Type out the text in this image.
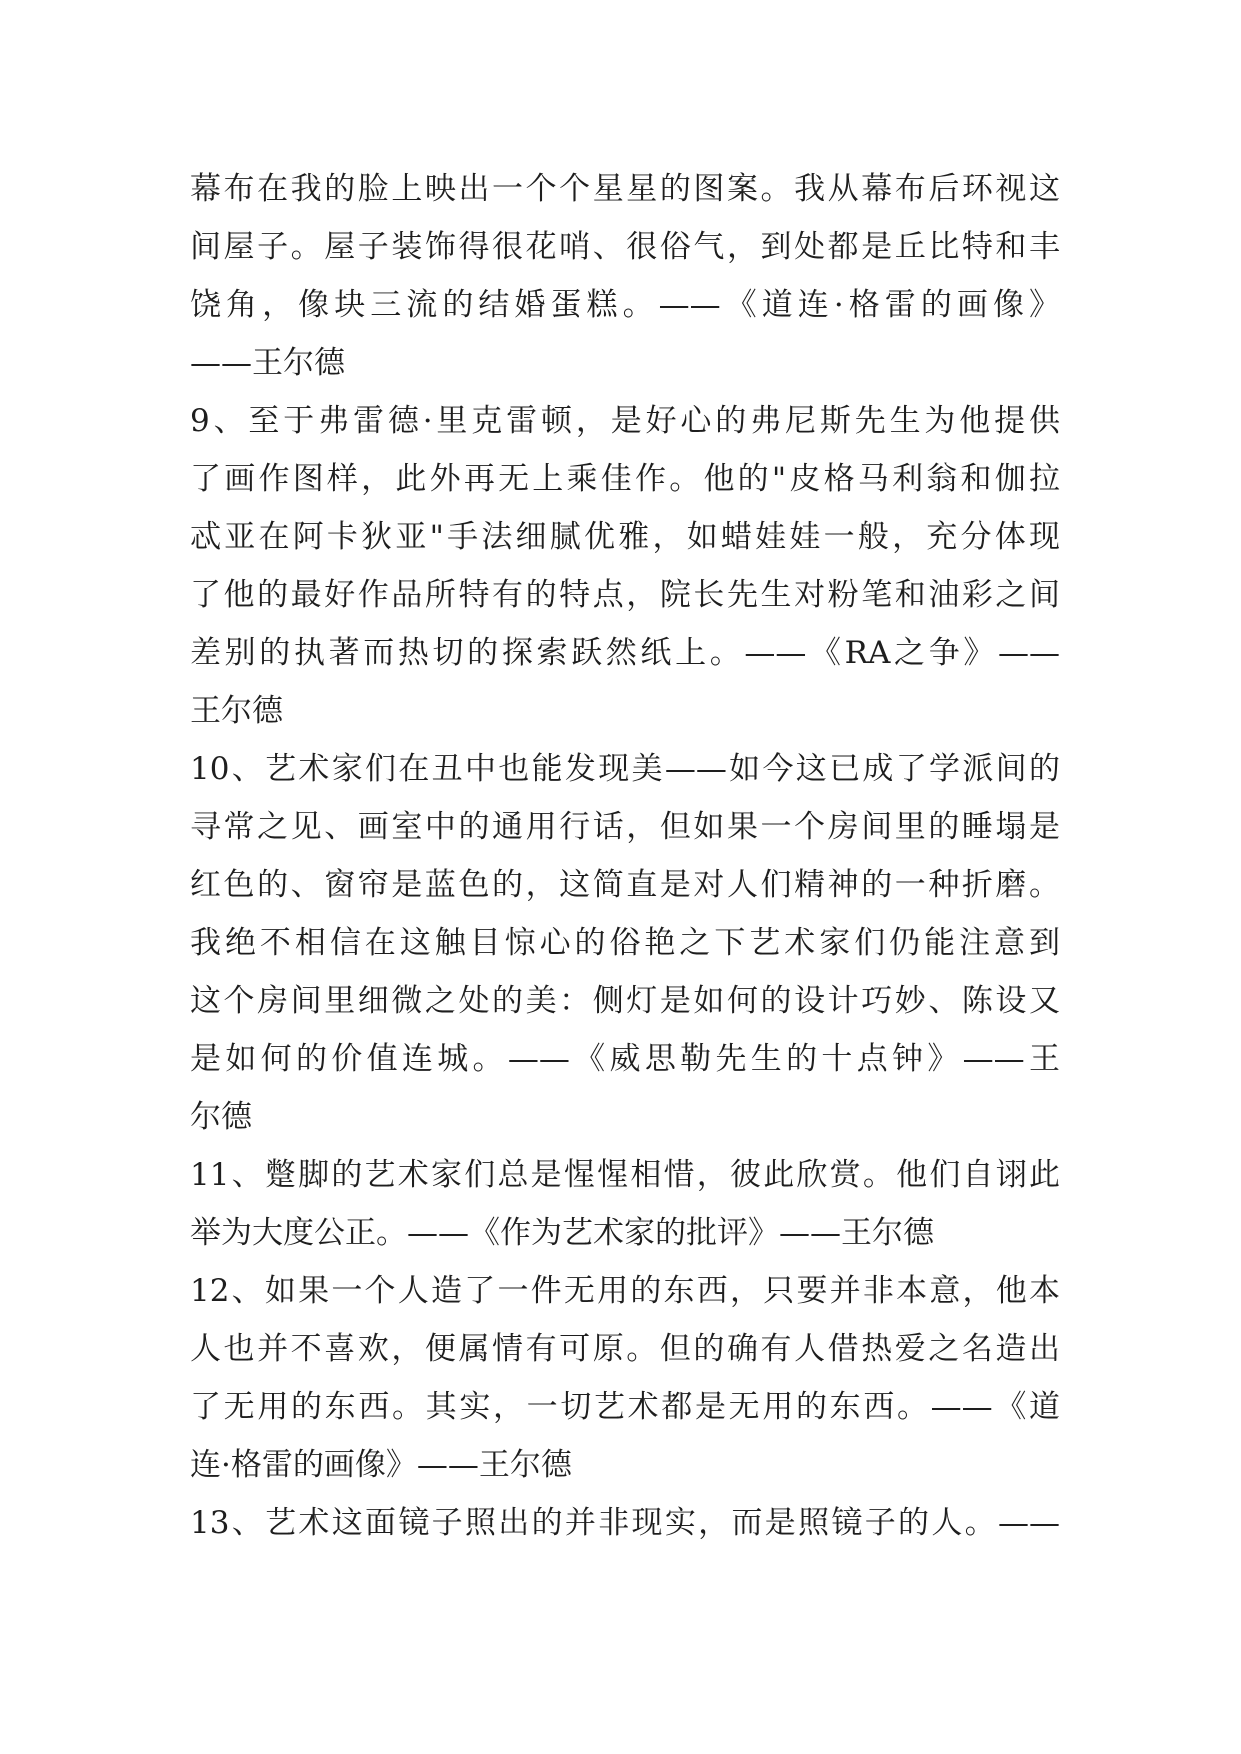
幕布在我的脸上映出一个个星星的图案。我从幕布后环视这
间屋子。屋子装饰得很花哨、很俗气，到处都是丘比特和丰
饶角，像块三流的结婚蛋糕。——《道连·格雷的画像》
——王尔德
9、至于弗雷德·里克雷顿，是好心的弗尼斯先生为他提供
了画作图样，此外再无上乘佳作。他的"皮格马利翁和伽拉
忒亚在阿卡狄亚"手法细腻优雅，如蜡娃娃一般，充分体现
了他的最好作品所特有的特点，院长先生对粉笔和油彩之间
差别的执著而热切的探索跃然纸上。——《RA之争》——
王尔德
10、艺术家们在丑中也能发现美——如今这已成了学派间的
寻常之见、画室中的通用行话，但如果一个房间里的睡塌是
红色的、窗帘是蓝色的，这简直是对人们精神的一种折磨。
我绝不相信在这触目惊心的俗艳之下艺术家们仍能注意到
这个房间里细微之处的美：侧灯是如何的设计巧妙、陈设又
是如何的价值连城。——《威思勒先生的十点钟》——王
尔德
11、蹩脚的艺术家们总是惺惺相惜，彼此欣赏。他们自诩此
举为大度公正。——《作为艺术家的批评》——王尔德
12、如果一个人造了一件无用的东西，只要并非本意，他本
人也并不喜欢，便属情有可原。但的确有人借热爱之名造出
了无用的东西。其实，一切艺术都是无用的东西。——《道
连·格雷的画像》——王尔德
13、艺术这面镜子照出的并非现实，而是照镜子的人。——
